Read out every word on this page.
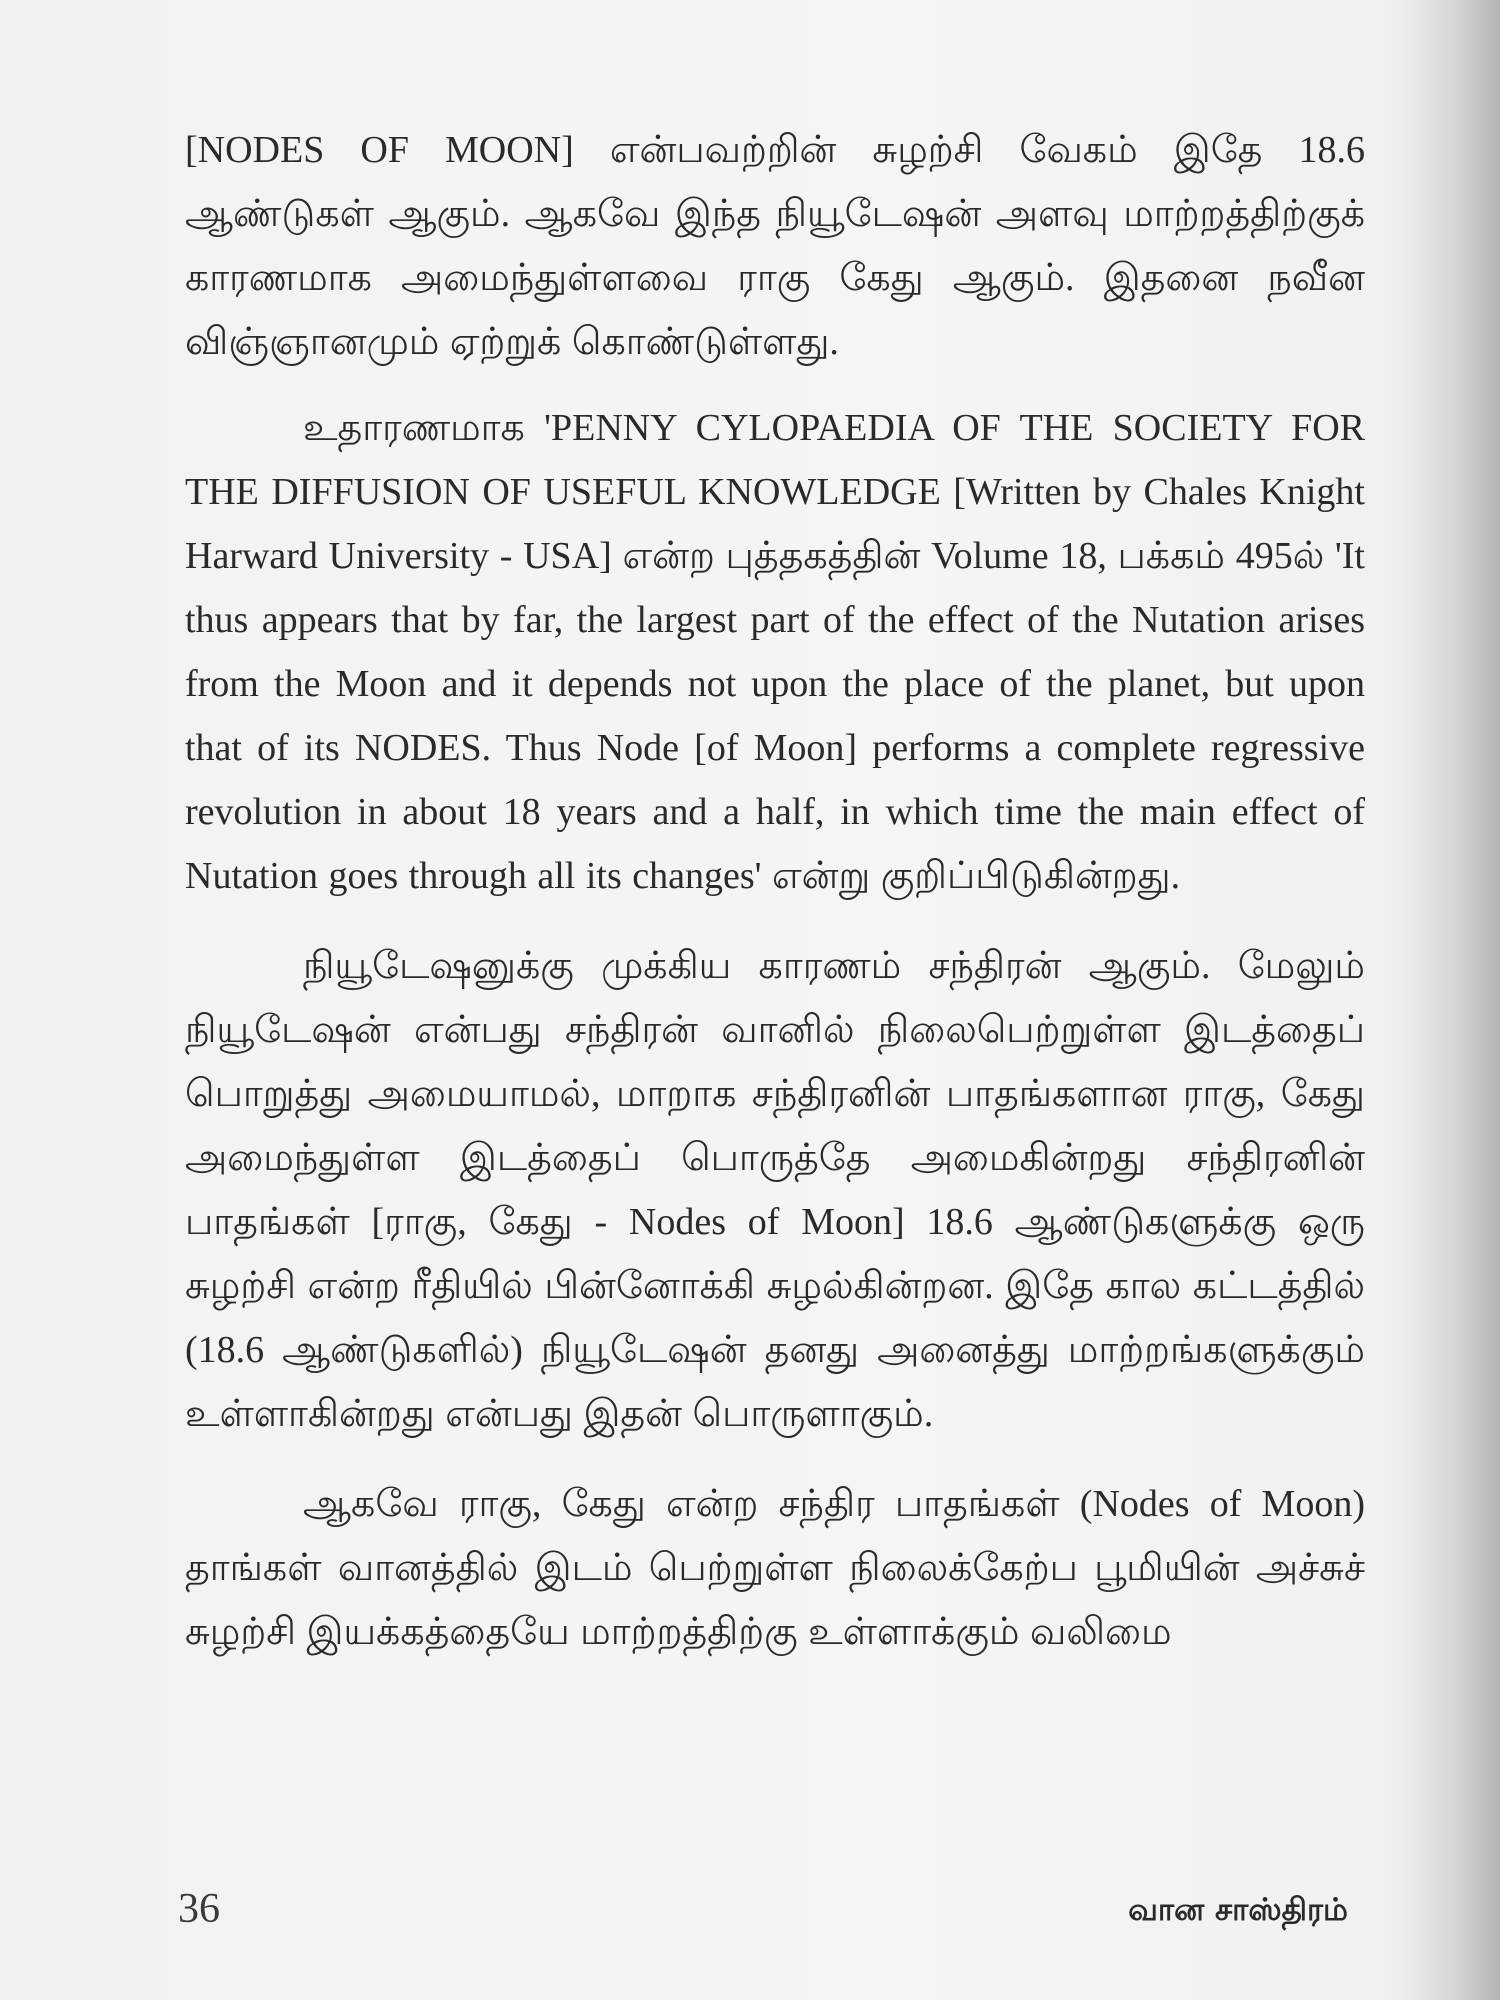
[NODES OF MOON] என்பவற்றின் சுழற்சி வேகம் இதே 18.6 ஆண்டுகள் ஆகும். ஆகவே இந்த நியூடேஷன் அளவு மாற்றத்திற்குக் காரணமாக அமைந்துள்ளவை ராகு கேது ஆகும். இதனை நவீன விஞ்ஞானமும் ஏற்றுக் கொண்டுள்ளது.

உதாரணமாக 'PENNY CYLOPAEDIA OF THE SOCIETY FOR THE DIFFUSION OF USEFUL KNOWLEDGE [Written by Chales Knight Harward University - USA] என்ற புத்தகத்தின் Volume 18, பக்கம் 495ல் 'It thus appears that by far, the largest part of the effect of the Nutation arises from the Moon and it depends not upon the place of the planet, but upon that of its NODES. Thus Node [of Moon] performs a complete regressive revolution in about 18 years and a half, in which time the main effect of Nutation goes through all its changes' என்று குறிப்பிடுகின்றது.

நியூடேஷனுக்கு முக்கிய காரணம் சந்திரன் ஆகும். மேலும் நியூடேஷன் என்பது சந்திரன் வானில் நிலைபெற்றுள்ள இடத்தைப் பொறுத்து அமையாமல், மாறாக சந்திரனின் பாதங்களான ராகு, கேது அமைந்துள்ள இடத்தைப் பொருத்தே அமைகின்றது சந்திரனின் பாதங்கள் [ராகு, கேது - Nodes of Moon] 18.6 ஆண்டுகளுக்கு ஒரு சுழற்சி என்ற ரீதியில் பின்னோக்கி சுழல்கின்றன. இதே கால கட்டத்தில் (18.6 ஆண்டுகளில்) நியூடேஷன் தனது அனைத்து மாற்றங்களுக்கும் உள்ளாகின்றது என்பது இதன் பொருளாகும்.

ஆகவே ராகு, கேது என்ற சந்திர பாதங்கள் (Nodes of Moon) தாங்கள் வானத்தில் இடம் பெற்றுள்ள நிலைக்கேற்ப பூமியின் அச்சுச் சுழற்சி இயக்கத்தையே மாற்றத்திற்கு உள்ளாக்கும் வலிமை

36	வான சாஸ்திரம்
